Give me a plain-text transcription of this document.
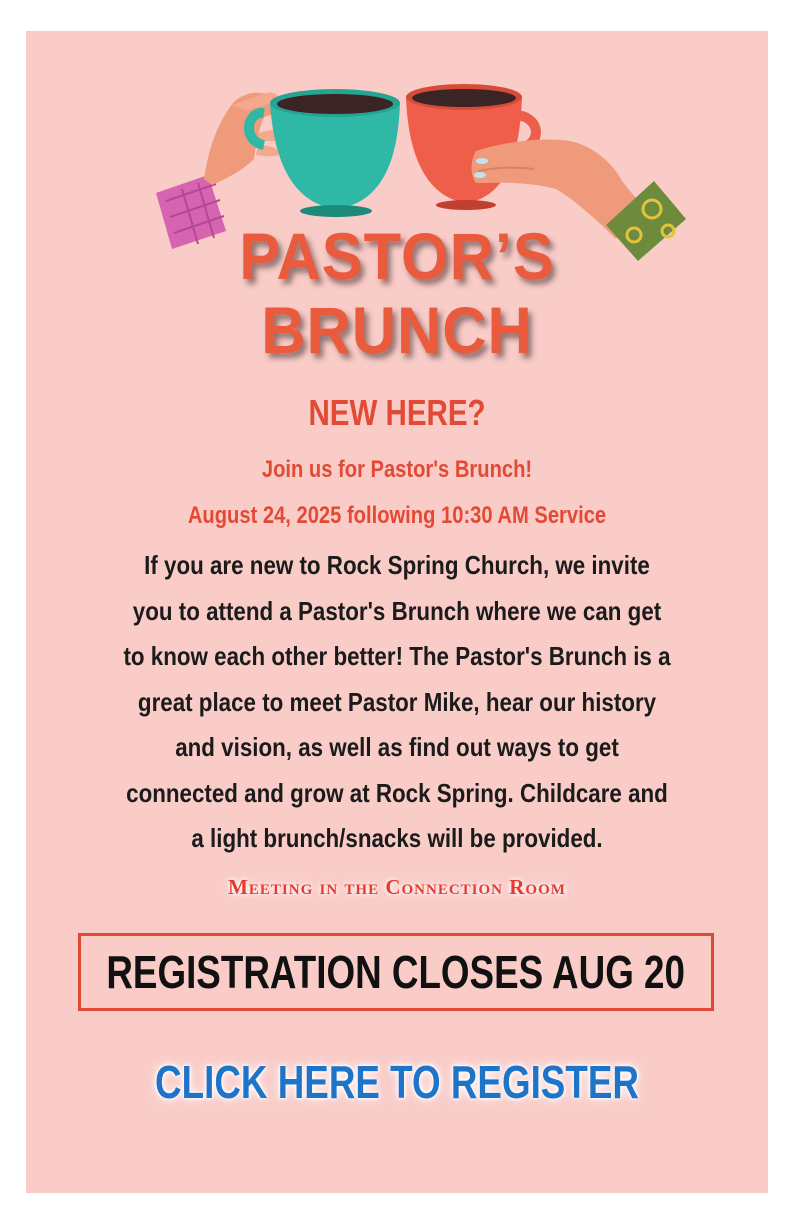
PASTOR’S
BRUNCH
NEW HERE?
Join us for Pastor's Brunch!
August 24, 2025 following 10:30 AM Service
If you are new to Rock Spring Church, we invite
you to attend a Pastor's Brunch where we can get
to know each other better! The Pastor's Brunch is a
great place to meet Pastor Mike, hear our history
and vision, as well as find out ways to get
connected and grow at Rock Spring. Childcare and
a light brunch/snacks will be provided.
Meeting in the Connection Room
REGISTRATION CLOSES AUG 20
CLICK HERE TO REGISTER
